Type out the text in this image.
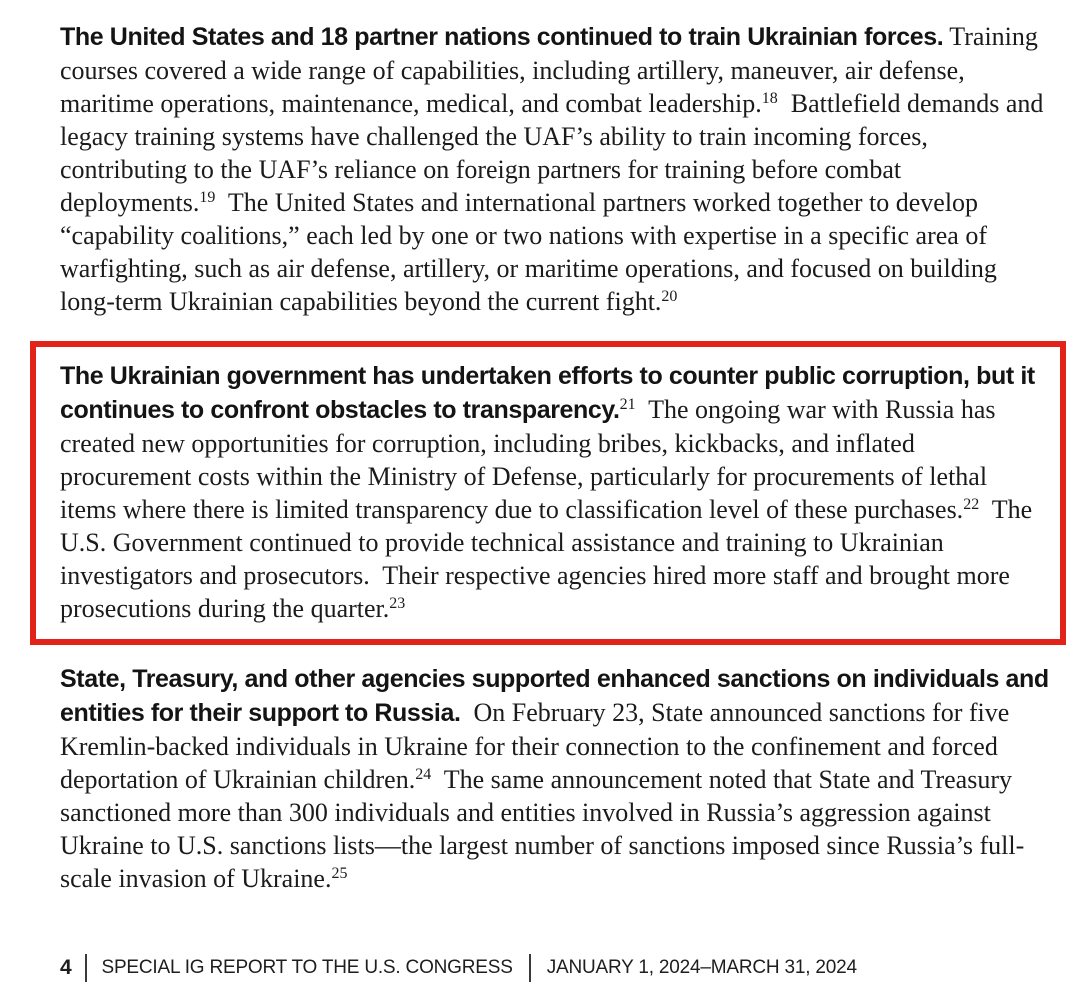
The United States and 18 partner nations continued to train Ukrainian forces. Training courses covered a wide range of capabilities, including artillery, maneuver, air defense, maritime operations, maintenance, medical, and combat leadership.$^{18}$  Battlefield demands and legacy training systems have challenged the UAF’s ability to train incoming forces, contributing to the UAF’s reliance on foreign partners for training before combat deployments.$^{19}$  The United States and international partners worked together to develop “capability coalitions,” each led by one or two nations with expertise in a specific area of warfighting, such as air defense, artillery, or maritime operations, and focused on building long-term Ukrainian capabilities beyond the current fight.$^{20}$

The Ukrainian government has undertaken efforts to counter public corruption, but it continues to confront obstacles to transparency.$^{21}$  The ongoing war with Russia has created new opportunities for corruption, including bribes, kickbacks, and inflated procurement costs within the Ministry of Defense, particularly for procurements of lethal items where there is limited transparency due to classification level of these purchases.$^{22}$  The U.S. Government continued to provide technical assistance and training to Ukrainian investigators and prosecutors.  Their respective agencies hired more staff and brought more prosecutions during the quarter.$^{23}$

State, Treasury, and other agencies supported enhanced sanctions on individuals and entities for their support to Russia.  On February 23, State announced sanctions for five Kremlin-backed individuals in Ukraine for their connection to the confinement and forced deportation of Ukrainian children.$^{24}$  The same announcement noted that State and Treasury sanctioned more than 300 individuals and entities involved in Russia’s aggression against Ukraine to U.S. sanctions lists—the largest number of sanctions imposed since Russia’s full-scale invasion of Ukraine.$^{25}$

4 SPECIAL IG REPORT TO THE U.S. CONGRESS JANUARY 1, 2024–MARCH 31, 2024
